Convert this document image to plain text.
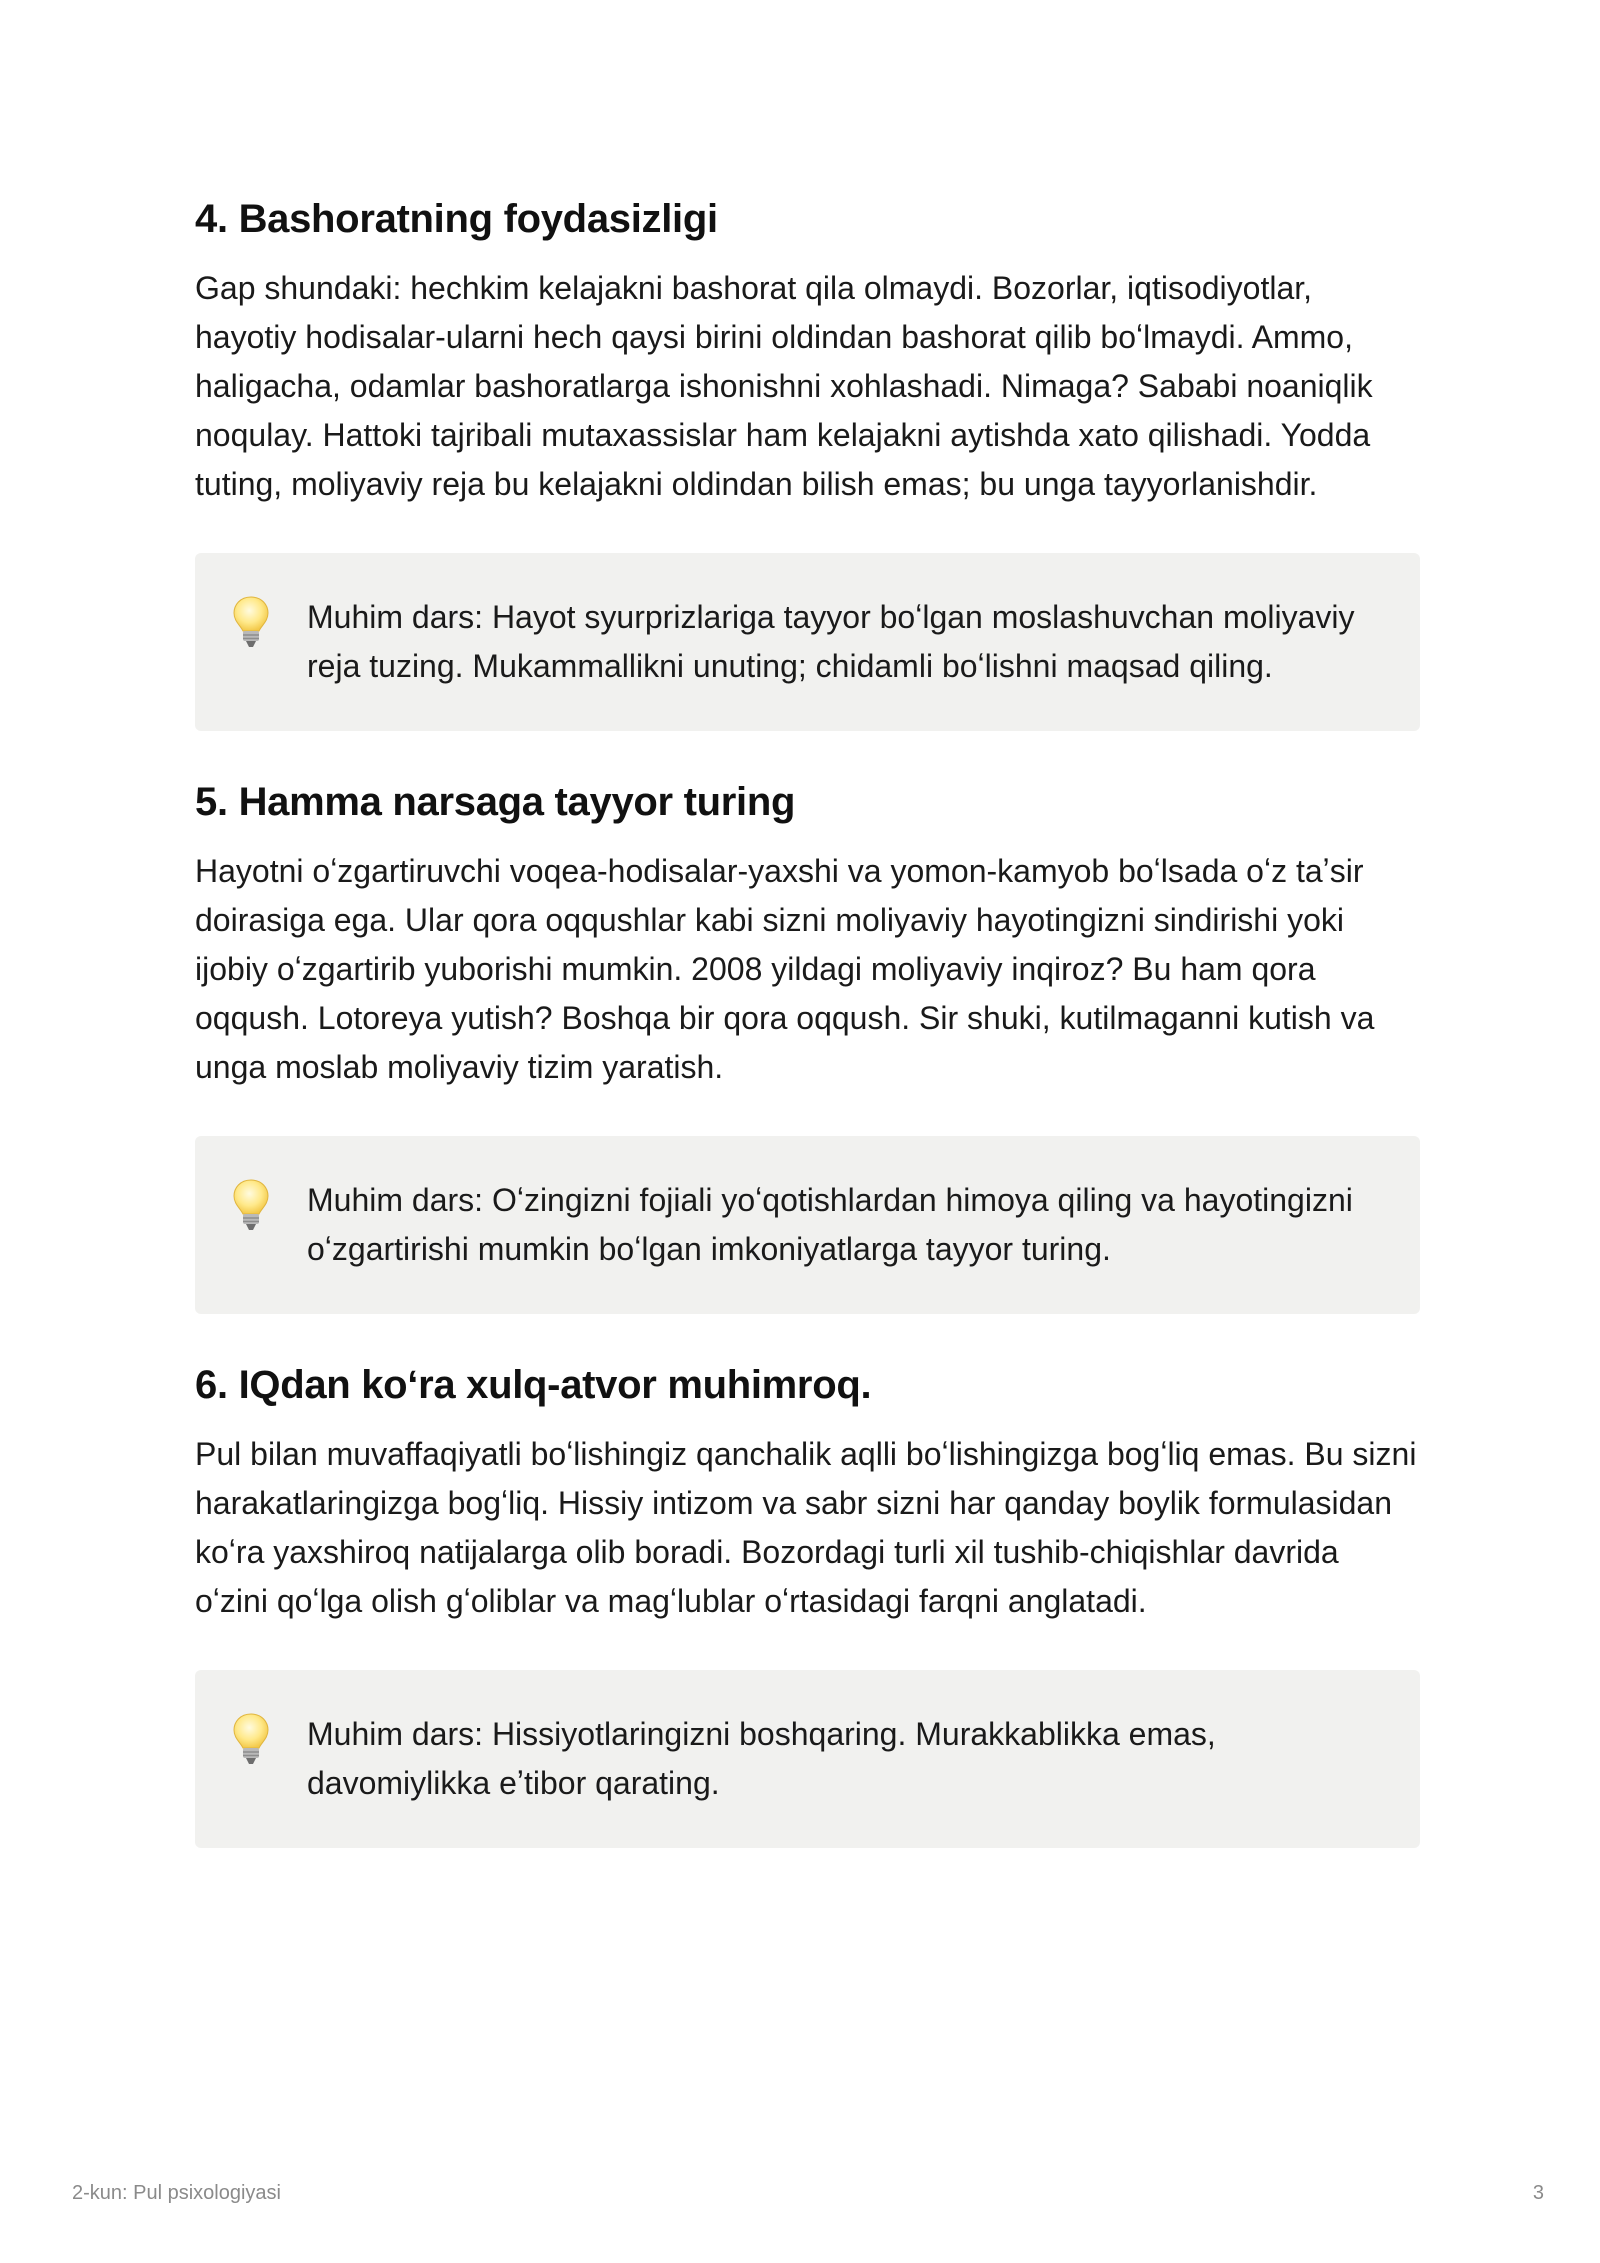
4. Bashoratning foydasizligi

Gap shundaki: hechkim kelajakni bashorat qila olmaydi. Bozorlar, iqtisodiyotlar, hayotiy hodisalar-ularni hech qaysi birini oldindan bashorat qilib boʻlmaydi. Ammo, haligacha, odamlar bashoratlarga ishonishni xohlashadi. Nimaga? Sababi noaniqlik noqulay. Hattoki tajribali mutaxassislar ham kelajakni aytishda xato qilishadi. Yodda tuting, moliyaviy reja bu kelajakni oldindan bilish emas; bu unga tayyorlanishdir.

Muhim dars: Hayot syurprizlariga tayyor boʻlgan moslashuvchan moliyaviy reja tuzing. Mukammallikni unuting; chidamli boʻlishni maqsad qiling.

5. Hamma narsaga tayyor turing

Hayotni oʻzgartiruvchi voqea-hodisalar-yaxshi va yomon-kamyob boʻlsada oʻz taʼsir doirasiga ega. Ular qora oqqushlar kabi sizni moliyaviy hayotingizni sindirishi yoki ijobiy oʻzgartirib yuborishi mumkin. 2008 yildagi moliyaviy inqiroz? Bu ham qora oqqush. Lotoreya yutish? Boshqa bir qora oqqush. Sir shuki, kutilmaganni kutish va unga moslab moliyaviy tizim yaratish.

Muhim dars: Oʻzingizni fojiali yoʻqotishlardan himoya qiling va hayotingizni oʻzgartirishi mumkin boʻlgan imkoniyatlarga tayyor turing.

6. IQdan koʻra xulq-atvor muhimroq.

Pul bilan muvaffaqiyatli boʻlishingiz qanchalik aqlli boʻlishingizga bogʻliq emas. Bu sizni harakatlaringizga bogʻliq. Hissiy intizom va sabr sizni har qanday boylik formulasidan koʻra yaxshiroq natijalarga olib boradi. Bozordagi turli xil tushib-chiqishlar davrida oʻzini qoʻlga olish gʻoliblar va magʻlublar oʻrtasidagi farqni anglatadi.

Muhim dars: Hissiyotlaringizni boshqaring. Murakkablikka emas, davomiylikka eʼtibor qarating.

2-kun: Pul psixologiyasi	3
